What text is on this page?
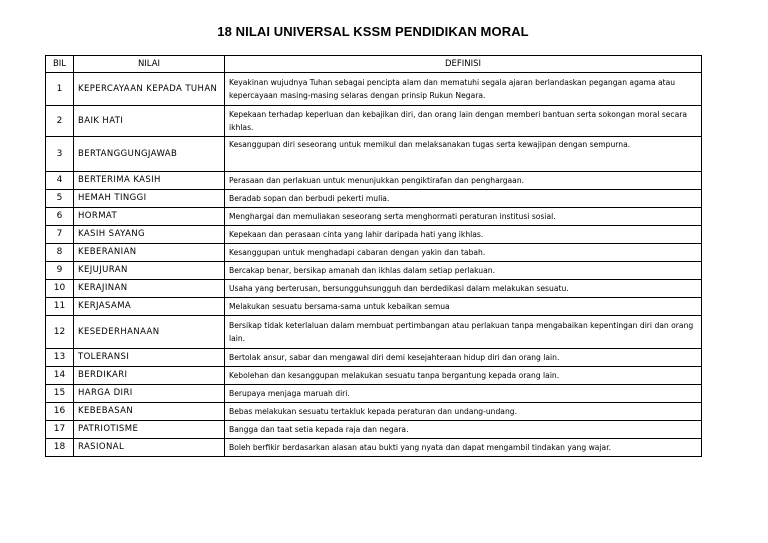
18 NILAI UNIVERSAL KSSM PENDIDIKAN MORAL
BIL	NILAI	DEFINISI
1	KEPERCAYAAN KEPADA TUHAN	Keyakinan wujudnya Tuhan sebagai pencipta alam dan mematuhi segala ajaran berlandaskan pegangan agama atau kepercayaan masing-masing selaras dengan prinsip Rukun Negara.
2	BAIK HATI	Kepekaan terhadap keperluan dan kebajikan diri, dan orang lain dengan memberi bantuan serta sokongan moral secara ikhlas.
3	BERTANGGUNGJAWAB	Kesanggupan diri seseorang untuk memikul dan melaksanakan tugas serta kewajipan dengan sempurna.
4	BERTERIMA KASIH	Perasaan dan perlakuan untuk menunjukkan pengiktirafan dan penghargaan.
5	HEMAH TINGGI	Beradab sopan dan berbudi pekerti mulia.
6	HORMAT	Menghargai dan memuliakan seseorang serta menghormati peraturan institusi sosial.
7	KASIH SAYANG	Kepekaan dan perasaan cinta yang lahir daripada hati yang ikhlas.
8	KEBERANIAN	Kesanggupan untuk menghadapi cabaran dengan yakin dan tabah.
9	KEJUJURAN	Bercakap benar, bersikap amanah dan ikhlas dalam setiap perlakuan.
10	KERAJINAN	Usaha yang berterusan, bersungguhsungguh dan berdedikasi dalam melakukan sesuatu.
11	KERJASAMA	Melakukan sesuatu bersama-sama untuk kebaikan semua
12	KESEDERHANAAN	Bersikap tidak keterlaluan dalam membuat pertimbangan atau perlakuan tanpa mengabaikan kepentingan diri dan orang lain.
13	TOLERANSI	Bertolak ansur, sabar dan mengawal diri demi kesejahteraan hidup diri dan orang lain.
14	BERDIKARI	Kebolehan dan kesanggupan melakukan sesuatu tanpa bergantung kepada orang lain.
15	HARGA DIRI	Berupaya menjaga maruah diri.
16	KEBEBASAN	Bebas melakukan sesuatu tertakluk kepada peraturan dan undang-undang.
17	PATRIOTISME	Bangga dan taat setia kepada raja dan negara.
18	RASIONAL	Boleh berfikir berdasarkan alasan atau bukti yang nyata dan dapat mengambil tindakan yang wajar.
